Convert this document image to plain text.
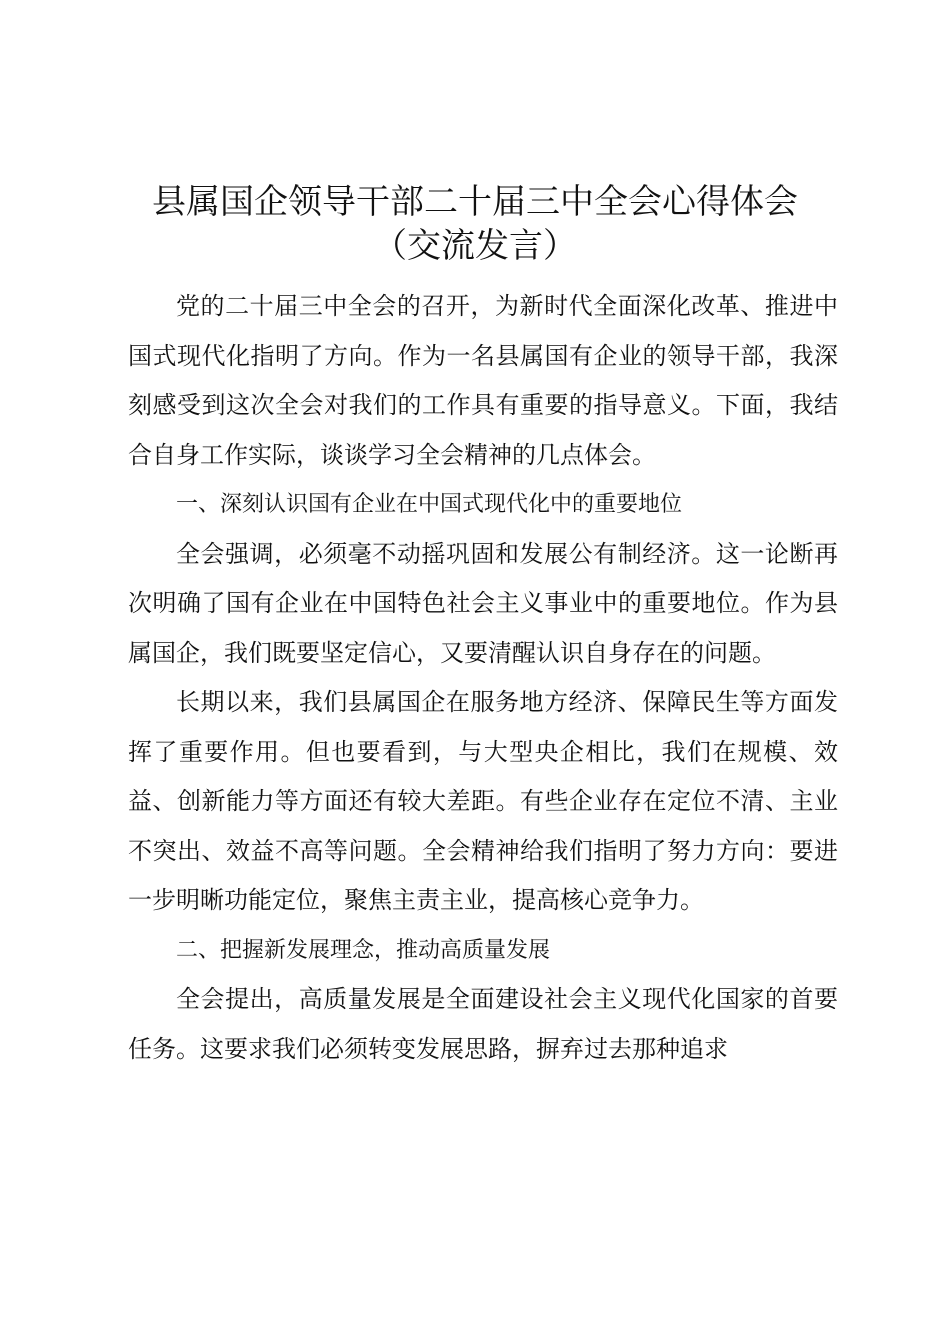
县属国企领导干部二十届三中全会心得体会
（交流发言）

党的二十届三中全会的召开，为新时代全面深化改革、推进中国式现代化指明了方向。作为一名县属国有企业的领导干部，我深刻感受到这次全会对我们的工作具有重要的指导意义。下面，我结合自身工作实际，谈谈学习全会精神的几点体会。

一、深刻认识国有企业在中国式现代化中的重要地位

全会强调，必须毫不动摇巩固和发展公有制经济。这一论断再次明确了国有企业在中国特色社会主义事业中的重要地位。作为县属国企，我们既要坚定信心，又要清醒认识自身存在的问题。

长期以来，我们县属国企在服务地方经济、保障民生等方面发挥了重要作用。但也要看到，与大型央企相比，我们在规模、效益、创新能力等方面还有较大差距。有些企业存在定位不清、主业不突出、效益不高等问题。全会精神给我们指明了努力方向：要进一步明晰功能定位，聚焦主责主业，提高核心竞争力。

二、把握新发展理念，推动高质量发展

全会提出，高质量发展是全面建设社会主义现代化国家的首要任务。这要求我们必须转变发展思路，摒弃过去那种追求
